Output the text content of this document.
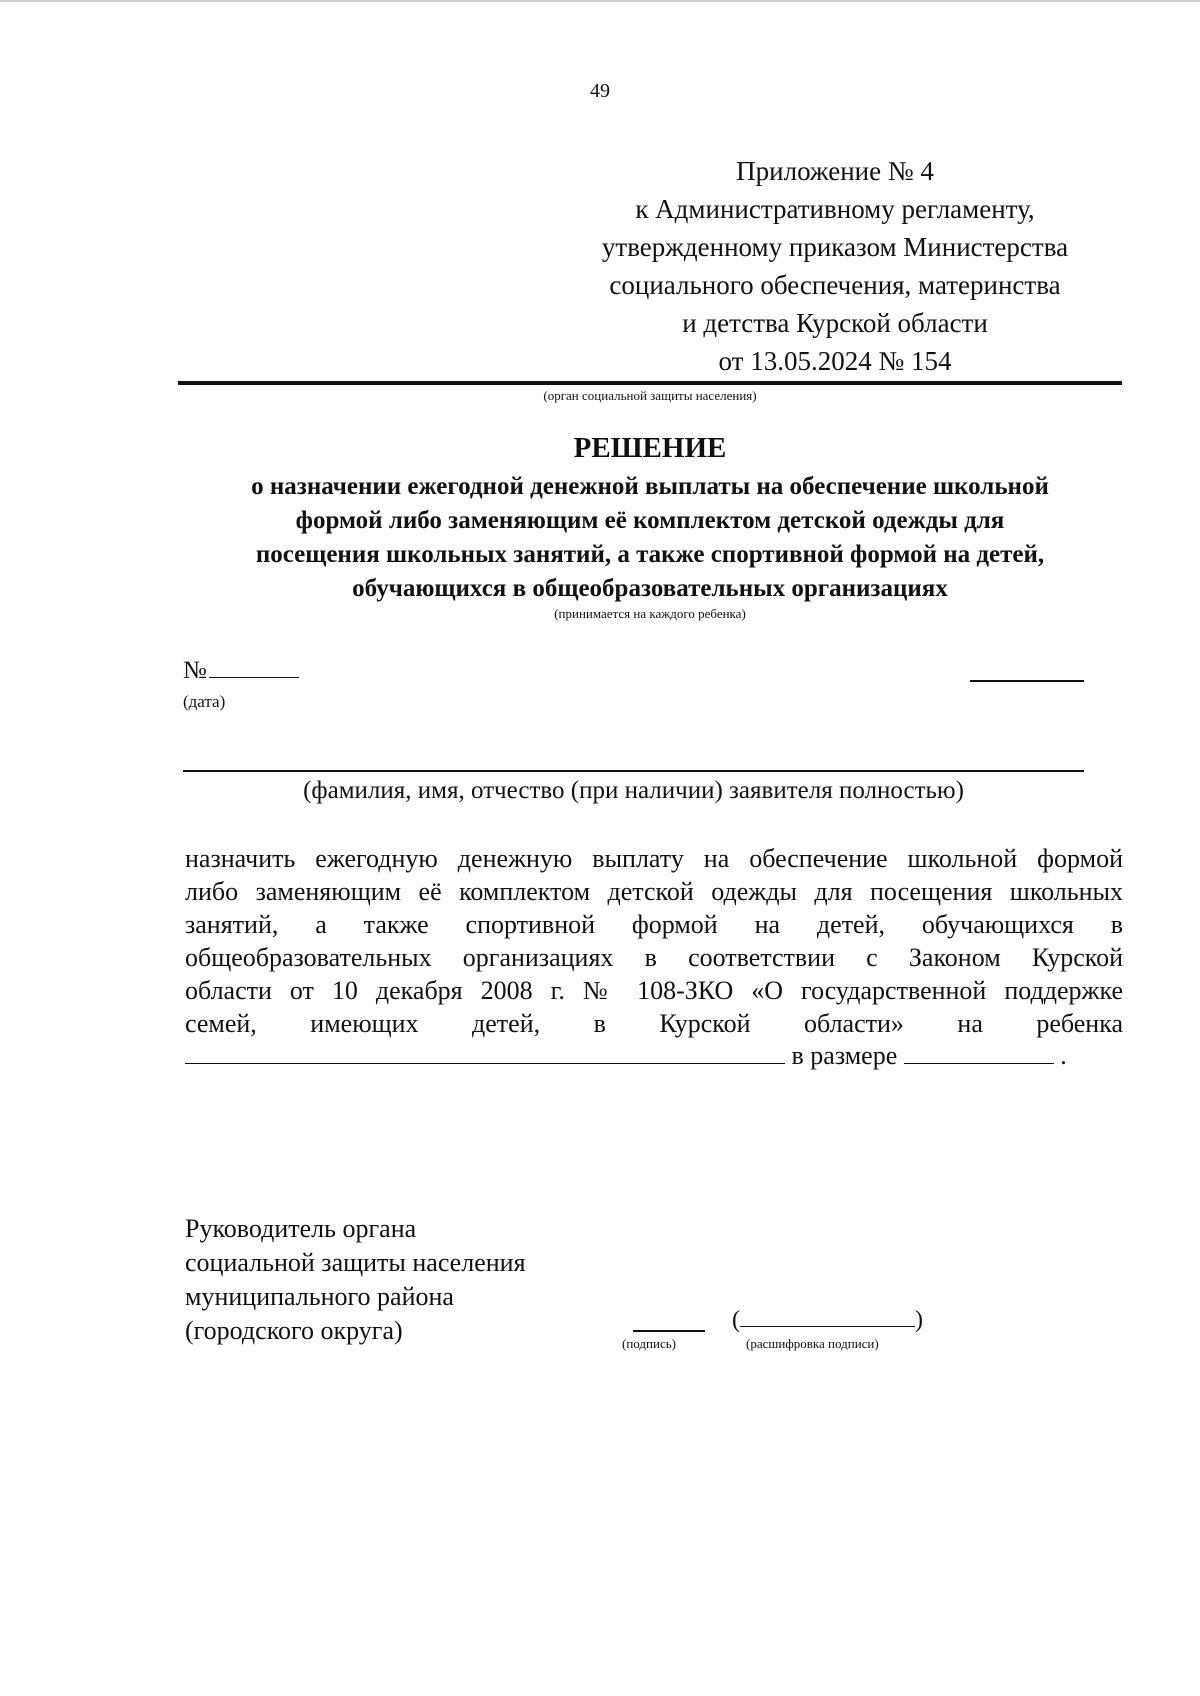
49
Приложение № 4
к Административному регламенту,
утвержденному приказом Министерства
социального обеспечения, материнства
и детства Курской области
от 13.05.2024 № 154
(орган социальной защиты населения)
РЕШЕНИЕ
о назначении ежегодной денежной выплаты на обеспечение школьной
формой либо заменяющим её комплектом детской одежды для
посещения школьных занятий, а также спортивной формой на детей,
обучающихся в общеобразовательных организациях
(принимается на каждого ребенка)
№
(дата)
(фамилия, имя, отчество (при наличии) заявителя полностью)
назначить ежегодную денежную выплату на обеспечение школьной формой
либо заменяющим её комплектом детской одежды для посещения школьных
занятий, а также спортивной формой на детей, обучающихся в
общеобразовательных организациях в соответствии с Законом Курской
области от 10 декабря 2008 г. № 108-ЗКО «О государственной поддержке
семей, имеющих детей, в Курской области» на ребенка
в размере	.
Руководитель органа
социальной защиты населения
муниципального района
(городского округа)	(подпись)
(	)
(расшифровка подписи)
